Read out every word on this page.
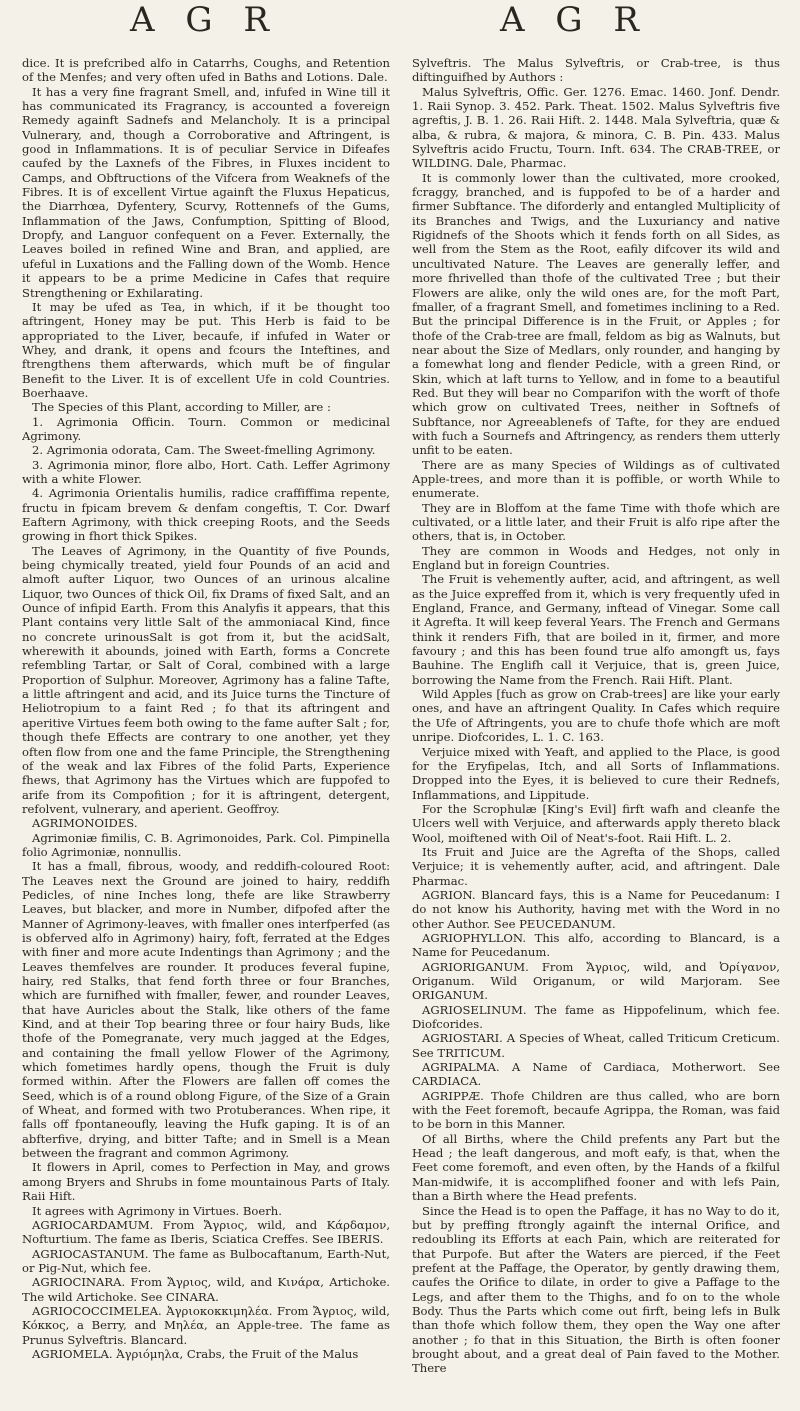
A G R	A G R

dice. It is prefcribed alfo in Catarrhs, Coughs, and Retention of the Menfes; and very often ufed in Baths and Lotions. Dale.

It has a very fine fragrant Smell, and, infufed in Wine till it has communicated its Fragrancy, is accounted a fovereign Remedy againft Sadnefs and Melancholy. It is a principal Vulnerary, and, though a Corroborative and Aftringent, is good in Inflammations. It is of peculiar Service in Difeafes caufed by the Laxnefs of the Fibres, in Fluxes incident to Camps, and Obftructions of the Vifcera from Weaknefs of the Fibres. It is of excellent Virtue againft the Fluxus Hepaticus, the Diarrhœa, Dyfentery, Scurvy, Rottennefs of the Gums, Inflammation of the Jaws, Confumption, Spitting of Blood, Dropfy, and Languor confequent on a Fever. Externally, the Leaves boiled in refined Wine and Bran, and applied, are ufeful in Luxations and the Falling down of the Womb. Hence it appears to be a prime Medicine in Cafes that require Strengthening or Exhilarating.

It may be ufed as Tea, in which, if it be thought too aftringent, Honey may be put. This Herb is faid to be appropriated to the Liver, becaufe, if infufed in Water or Whey, and drank, it opens and fcours the Inteftines, and ftrengthens them afterwards, which muft be of fingular Benefit to the Liver. It is of excellent Ufe in cold Countries. Boerhaave.

The Species of this Plant, according to Miller, are :

1. Agrimonia Officin. Tourn. Common or medicinal Agrimony.

2. Agrimonia odorata, Cam. The Sweet-fmelling Agrimony.

3. Agrimonia minor, flore albo, Hort. Cath. Leffer Agrimony with a white Flower.

4. Agrimonia Orientalis humilis, radice craffiffima repente, fructu in fpicam brevem & denfam congeftis, T. Cor. Dwarf Eaftern Agrimony, with thick creeping Roots, and the Seeds growing in fhort thick Spikes.

The Leaves of Agrimony, in the Quantity of five Pounds, being chymically treated, yield four Pounds of an acid and almoft aufter Liquor, two Ounces of an urinous alcaline Liquor, two Ounces of thick Oil, fix Drams of fixed Salt, and an Ounce of infipid Earth. From this Analyfis it appears, that this Plant contains very little Salt of the ammoniacal Kind, fince no concrete urinousSalt is got from it, but the acidSalt, wherewith it abounds, joined with Earth, forms a Concrete refembling Tartar, or Salt of Coral, combined with a large Proportion of Sulphur. Moreover, Agrimony has a faline Tafte, a little aftringent and acid, and its Juice turns the Tincture of Heliotropium to a faint Red ; fo that its aftringent and aperitive Virtues feem both owing to the fame aufter Salt ; for, though thefe Effects are contrary to one another, yet they often flow from one and the fame Principle, the Strengthening of the weak and lax Fibres of the folid Parts, Experience fhews, that Agrimony has the Virtues which are fuppofed to arife from its Compofition ; for it is aftringent, detergent, refolvent, vulnerary, and aperient. Geoffroy.

AGRIMONOIDES.

Agrimoniæ fimilis, C. B. Agrimonoides, Park. Col. Pimpinella folio Agrimoniæ, nonnullis.

It has a fmall, fibrous, woody, and reddifh-coloured Root: The Leaves next the Ground are joined to hairy, reddifh Pedicles, of nine Inches long, thefe are like Strawberry Leaves, but blacker, and more in Number, difpofed after the Manner of Agrimony-leaves, with fmaller ones interfperfed (as is obferved alfo in Agrimony) hairy, foft, ferrated at the Edges with finer and more acute Indentings than Agrimony ; and the Leaves themfelves are rounder. It produces feveral fupine, hairy, red Stalks, that fend forth three or four Branches, which are furnifhed with fmaller, fewer, and rounder Leaves, that have Auricles about the Stalk, like others of the fame Kind, and at their Top bearing three or four hairy Buds, like thofe of the Pomegranate, very much jagged at the Edges, and containing the fmall yellow Flower of the Agrimony, which fometimes hardly opens, though the Fruit is duly formed within. After the Flowers are fallen off comes the Seed, which is of a round oblong Figure, of the Size of a Grain of Wheat, and formed with two Protuberances. When ripe, it falls off fpontaneoufly, leaving the Hufk gaping. It is of an abfterfive, drying, and bitter Tafte; and in Smell is a Mean between the fragrant and common Agrimony.

It flowers in April, comes to Perfection in May, and grows among Bryers and Shrubs in fome mountainous Parts of Italy. Raii Hift.

It agrees with Agrimony in Virtues. Boerh.

AGRIOCARDAMUM. From Ἄγριος, wild, and Κάρδαμον, Nofturtium. The fame as Iberis, Sciatica Creffes. See IBERIS.

AGRIOCASTANUM. The fame as Bulbocaftanum, Earth-Nut, or Pig-Nut, which fee.

AGRIOCINARA. From Ἄγριος, wild, and Κινάρα, Artichoke. The wild Artichoke. See CINARA.

AGRIOCOCCIMELEA. Ἀγριοκοκκιμηλέα. From Ἄγριος, wild, Κόκκος, a Berry, and Μηλέα, an Apple-tree. The fame as Prunus Sylveftris. Blancard.

AGRIOMELA. Ἀγριόμηλα, Crabs, the Fruit of the Malus

Sylveftris. The Malus Sylveftris, or Crab-tree, is thus diftinguifhed by Authors :

Malus Sylveftris, Offic. Ger. 1276. Emac. 1460. Jonf. Dendr. 1. Raii Synop. 3. 452. Park. Theat. 1502. Malus Sylveftris five agreftis, J. B. 1. 26. Raii Hift. 2. 1448. Mala Sylveftria, quæ & alba, & rubra, & majora, & minora, C. B. Pin. 433. Malus Sylveftris acido Fructu, Tourn. Inft. 634. The CRAB-TREE, or WILDING. Dale, Pharmac.

It is commonly lower than the cultivated, more crooked, fcraggy, branched, and is fuppofed to be of a harder and firmer Subftance. The diforderly and entangled Multiplicity of its Branches and Twigs, and the Luxuriancy and native Rigidnefs of the Shoots which it fends forth on all Sides, as well from the Stem as the Root, eafily difcover its wild and uncultivated Nature. The Leaves are generally leffer, and more fhrivelled than thofe of the cultivated Tree ; but their Flowers are alike, only the wild ones are, for the moft Part, fmaller, of a fragrant Smell, and fometimes inclining to a Red. But the principal Difference is in the Fruit, or Apples ; for thofe of the Crab-tree are fmall, feldom as big as Walnuts, but near about the Size of Medlars, only rounder, and hanging by a fomewhat long and flender Pedicle, with a green Rind, or Skin, which at laft turns to Yellow, and in fome to a beautiful Red. But they will bear no Comparifon with the worft of thofe which grow on cultivated Trees, neither in Softnefs of Subftance, nor Agreeablenefs of Tafte, for they are endued with fuch a Sournefs and Aftringency, as renders them utterly unfit to be eaten.

There are as many Species of Wildings as of cultivated Apple-trees, and more than it is poffible, or worth While to enumerate.

They are in Bloffom at the fame Time with thofe which are cultivated, or a little later, and their Fruit is alfo ripe after the others, that is, in October.

They are common in Woods and Hedges, not only in England but in foreign Countries.

The Fruit is vehemently aufter, acid, and aftringent, as well as the Juice expreffed from it, which is very frequently ufed in England, France, and Germany, inftead of Vinegar. Some call it Agrefta. It will keep feveral Years. The French and Germans think it renders Fifh, that are boiled in it, firmer, and more favoury ; and this has been found true alfo amongft us, fays Bauhine. The Englifh call it Verjuice, that is, green Juice, borrowing the Name from the French. Raii Hift. Plant.

Wild Apples [fuch as grow on Crab-trees] are like your early ones, and have an aftringent Quality. In Cafes which require the Ufe of Aftringents, you are to chufe thofe which are moft unripe. Diofcorides, L. 1. C. 163.

Verjuice mixed with Yeaft, and applied to the Place, is good for the Eryfipelas, Itch, and all Sorts of Inflammations. Dropped into the Eyes, it is believed to cure their Rednefs, Inflammations, and Lippitude.

For the Scrophulæ [King's Evil] firft wafh and cleanfe the Ulcers well with Verjuice, and afterwards apply thereto black Wool, moiftened with Oil of Neat's-foot. Raii Hift. L. 2.

Its Fruit and Juice are the Agrefta of the Shops, called Verjuice; it is vehemently aufter, acid, and aftringent. Dale Pharmac.

AGRION. Blancard fays, this is a Name for Peucedanum: I do not know his Authority, having met with the Word in no other Author. See PEUCEDANUM.

AGRIOPHYLLON. This alfo, according to Blancard, is a Name for Peucedanum.

AGRIORIGANUM. From Ἄγριος, wild, and Ὀρίγανον, Origanum. Wild Origanum, or wild Marjoram. See ORIGANUM.

AGRIOSELINUM. The fame as Hippofelinum, which fee. Diofcorides.

AGRIOSTARI. A Species of Wheat, called Triticum Creticum. See TRITICUM.

AGRIPALMA. A Name of Cardiaca, Motherwort. See CARDIACA.

AGRIPPÆ. Thofe Children are thus called, who are born with the Feet foremoft, becaufe Agrippa, the Roman, was faid to be born in this Manner.

Of all Births, where the Child prefents any Part but the Head ; the leaft dangerous, and moft eafy, is that, when the Feet come foremoft, and even often, by the Hands of a fkilful Man-midwife, it is accomplifhed fooner and with lefs Pain, than a Birth where the Head prefents.

Since the Head is to open the Paffage, it has no Way to do it, but by preffing ftrongly againft the internal Orifice, and redoubling its Efforts at each Pain, which are reiterated for that Purpofe. But after the Waters are pierced, if the Feet prefent at the Paffage, the Operator, by gently drawing them, caufes the Orifice to dilate, in order to give a Paffage to the Legs, and after them to the Thighs, and fo on to the whole Body. Thus the Parts which come out firft, being lefs in Bulk than thofe which follow them, they open the Way one after another ; fo that in this Situation, the Birth is often fooner brought about, and a great deal of Pain faved to the Mother. There
